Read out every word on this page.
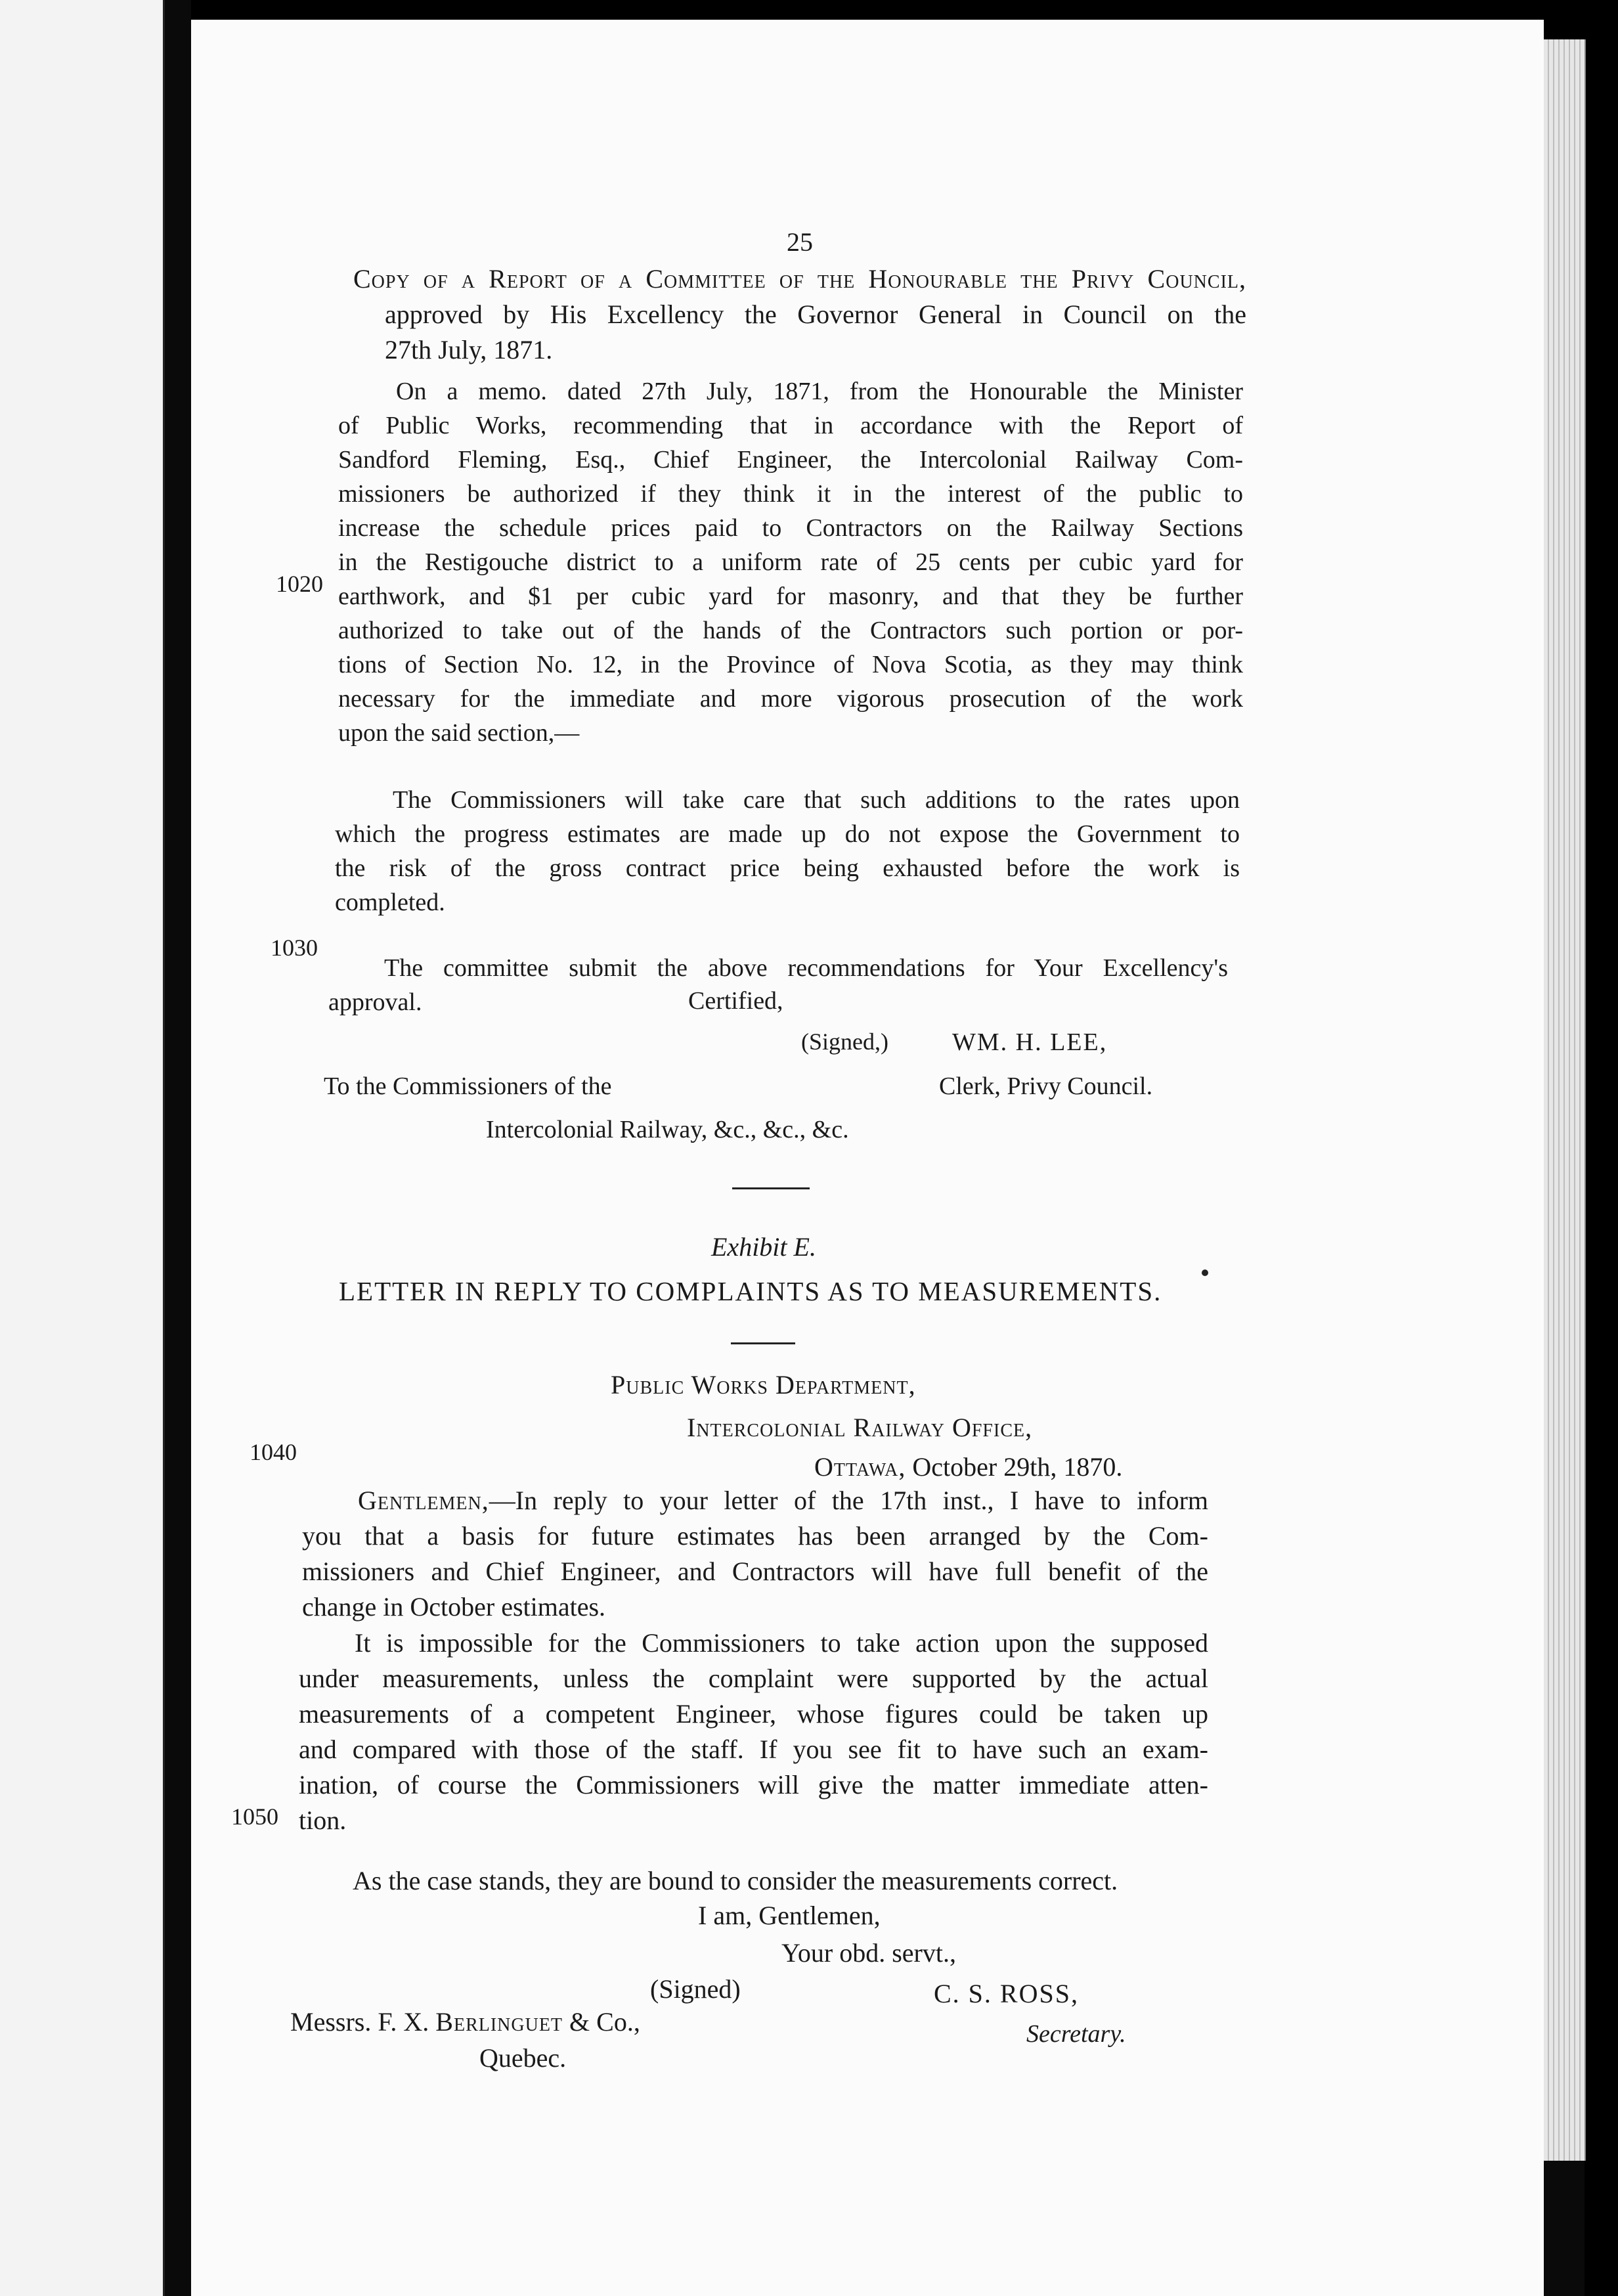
25
Copy of a Report of a Committee of the Honourable the Privy Council,
approved by His Excellency the Governor General in Council on the
27th July, 1871.
On a memo. dated 27th July, 1871, from the Honourable the Minister
of Public Works, recommending that in accordance with the Report of
Sandford Fleming, Esq., Chief Engineer, the Intercolonial Railway Com-
missioners be authorized if they think it in the interest of the public to
increase the schedule prices paid to Contractors on the Railway Sections
in the Restigouche district to a uniform rate of 25 cents per cubic yard for
earthwork, and $1 per cubic yard for masonry, and that they be further
authorized to take out of the hands of the Contractors such portion or por-
tions of Section No. 12, in the Province of Nova Scotia, as they may think
necessary for the immediate and more vigorous prosecution of the work
upon the said section,—
The Commissioners will take care that such additions to the rates upon
which the progress estimates are made up do not expose the Government to
the risk of the gross contract price being exhausted before the work is
completed.
The committee submit the above recommendations for Your Excellency's
approval.	Certified,
(Signed,)	WM. H. LEE,
To the Commissioners of the	Clerk, Privy Council.
Intercolonial Railway, &c., &c., &c.
1020
1030
1040
1050
Exhibit E.
LETTER IN REPLY TO COMPLAINTS AS TO MEASUREMENTS.
Public Works Department,
Intercolonial Railway Office,
Ottawa, October 29th, 1870.
Gentlemen,—In reply to your letter of the 17th inst., I have to inform
you that a basis for future estimates has been arranged by the Com-
missioners and Chief Engineer, and Contractors will have full benefit of the
change in October estimates.
It is impossible for the Commissioners to take action upon the supposed
under measurements, unless the complaint were supported by the actual
measurements of a competent Engineer, whose figures could be taken up
and compared with those of the staff. If you see fit to have such an exam-
ination, of course the Commissioners will give the matter immediate atten-
tion.
As the case stands, they are bound to consider the measurements correct.
I am, Gentlemen,
Your obd. servt.,
(Signed)	C. S. ROSS,
Messrs. F. X. Berlinguet & Co.,	Secretary.
Quebec.
